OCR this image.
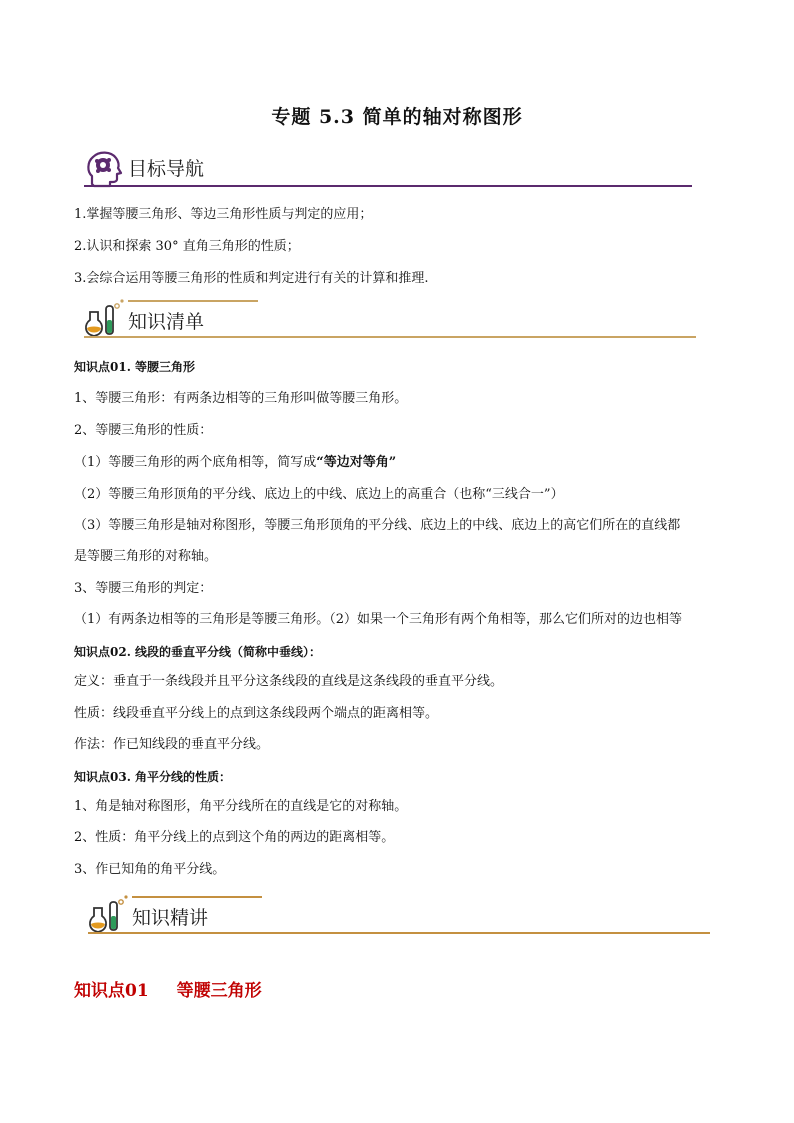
专题 5.3 简单的轴对称图形
目标导航
1.掌握等腰三角形、等边三角形性质与判定的应用；
2.认识和探索 30° 直角三角形的性质；
3.会综合运用等腰三角形的性质和判定进行有关的计算和推理.
知识清单
知识点01. 等腰三角形
1、等腰三角形：有两条边相等的三角形叫做等腰三角形。
2、等腰三角形的性质：
（1）等腰三角形的两个底角相等，简写成“等边对等角”
（2）等腰三角形顶角的平分线、底边上的中线、底边上的高重合（也称“三线合一”）
（3）等腰三角形是轴对称图形，等腰三角形顶角的平分线、底边上的中线、底边上的高它们所在的直线都
是等腰三角形的对称轴。
3、等腰三角形的判定：
（1）有两条边相等的三角形是等腰三角形。（2）如果一个三角形有两个角相等，那么它们所对的边也相等
知识点02. 线段的垂直平分线（简称中垂线）：
定义：垂直于一条线段并且平分这条线段的直线是这条线段的垂直平分线。
性质：线段垂直平分线上的点到这条线段两个端点的距离相等。
作法：作已知线段的垂直平分线。
知识点03. 角平分线的性质：
1、角是轴对称图形，角平分线所在的直线是它的对称轴。
2、性质：角平分线上的点到这个角的两边的距离相等。
3、作已知角的角平分线。
知识精讲
知识点01 等腰三角形
